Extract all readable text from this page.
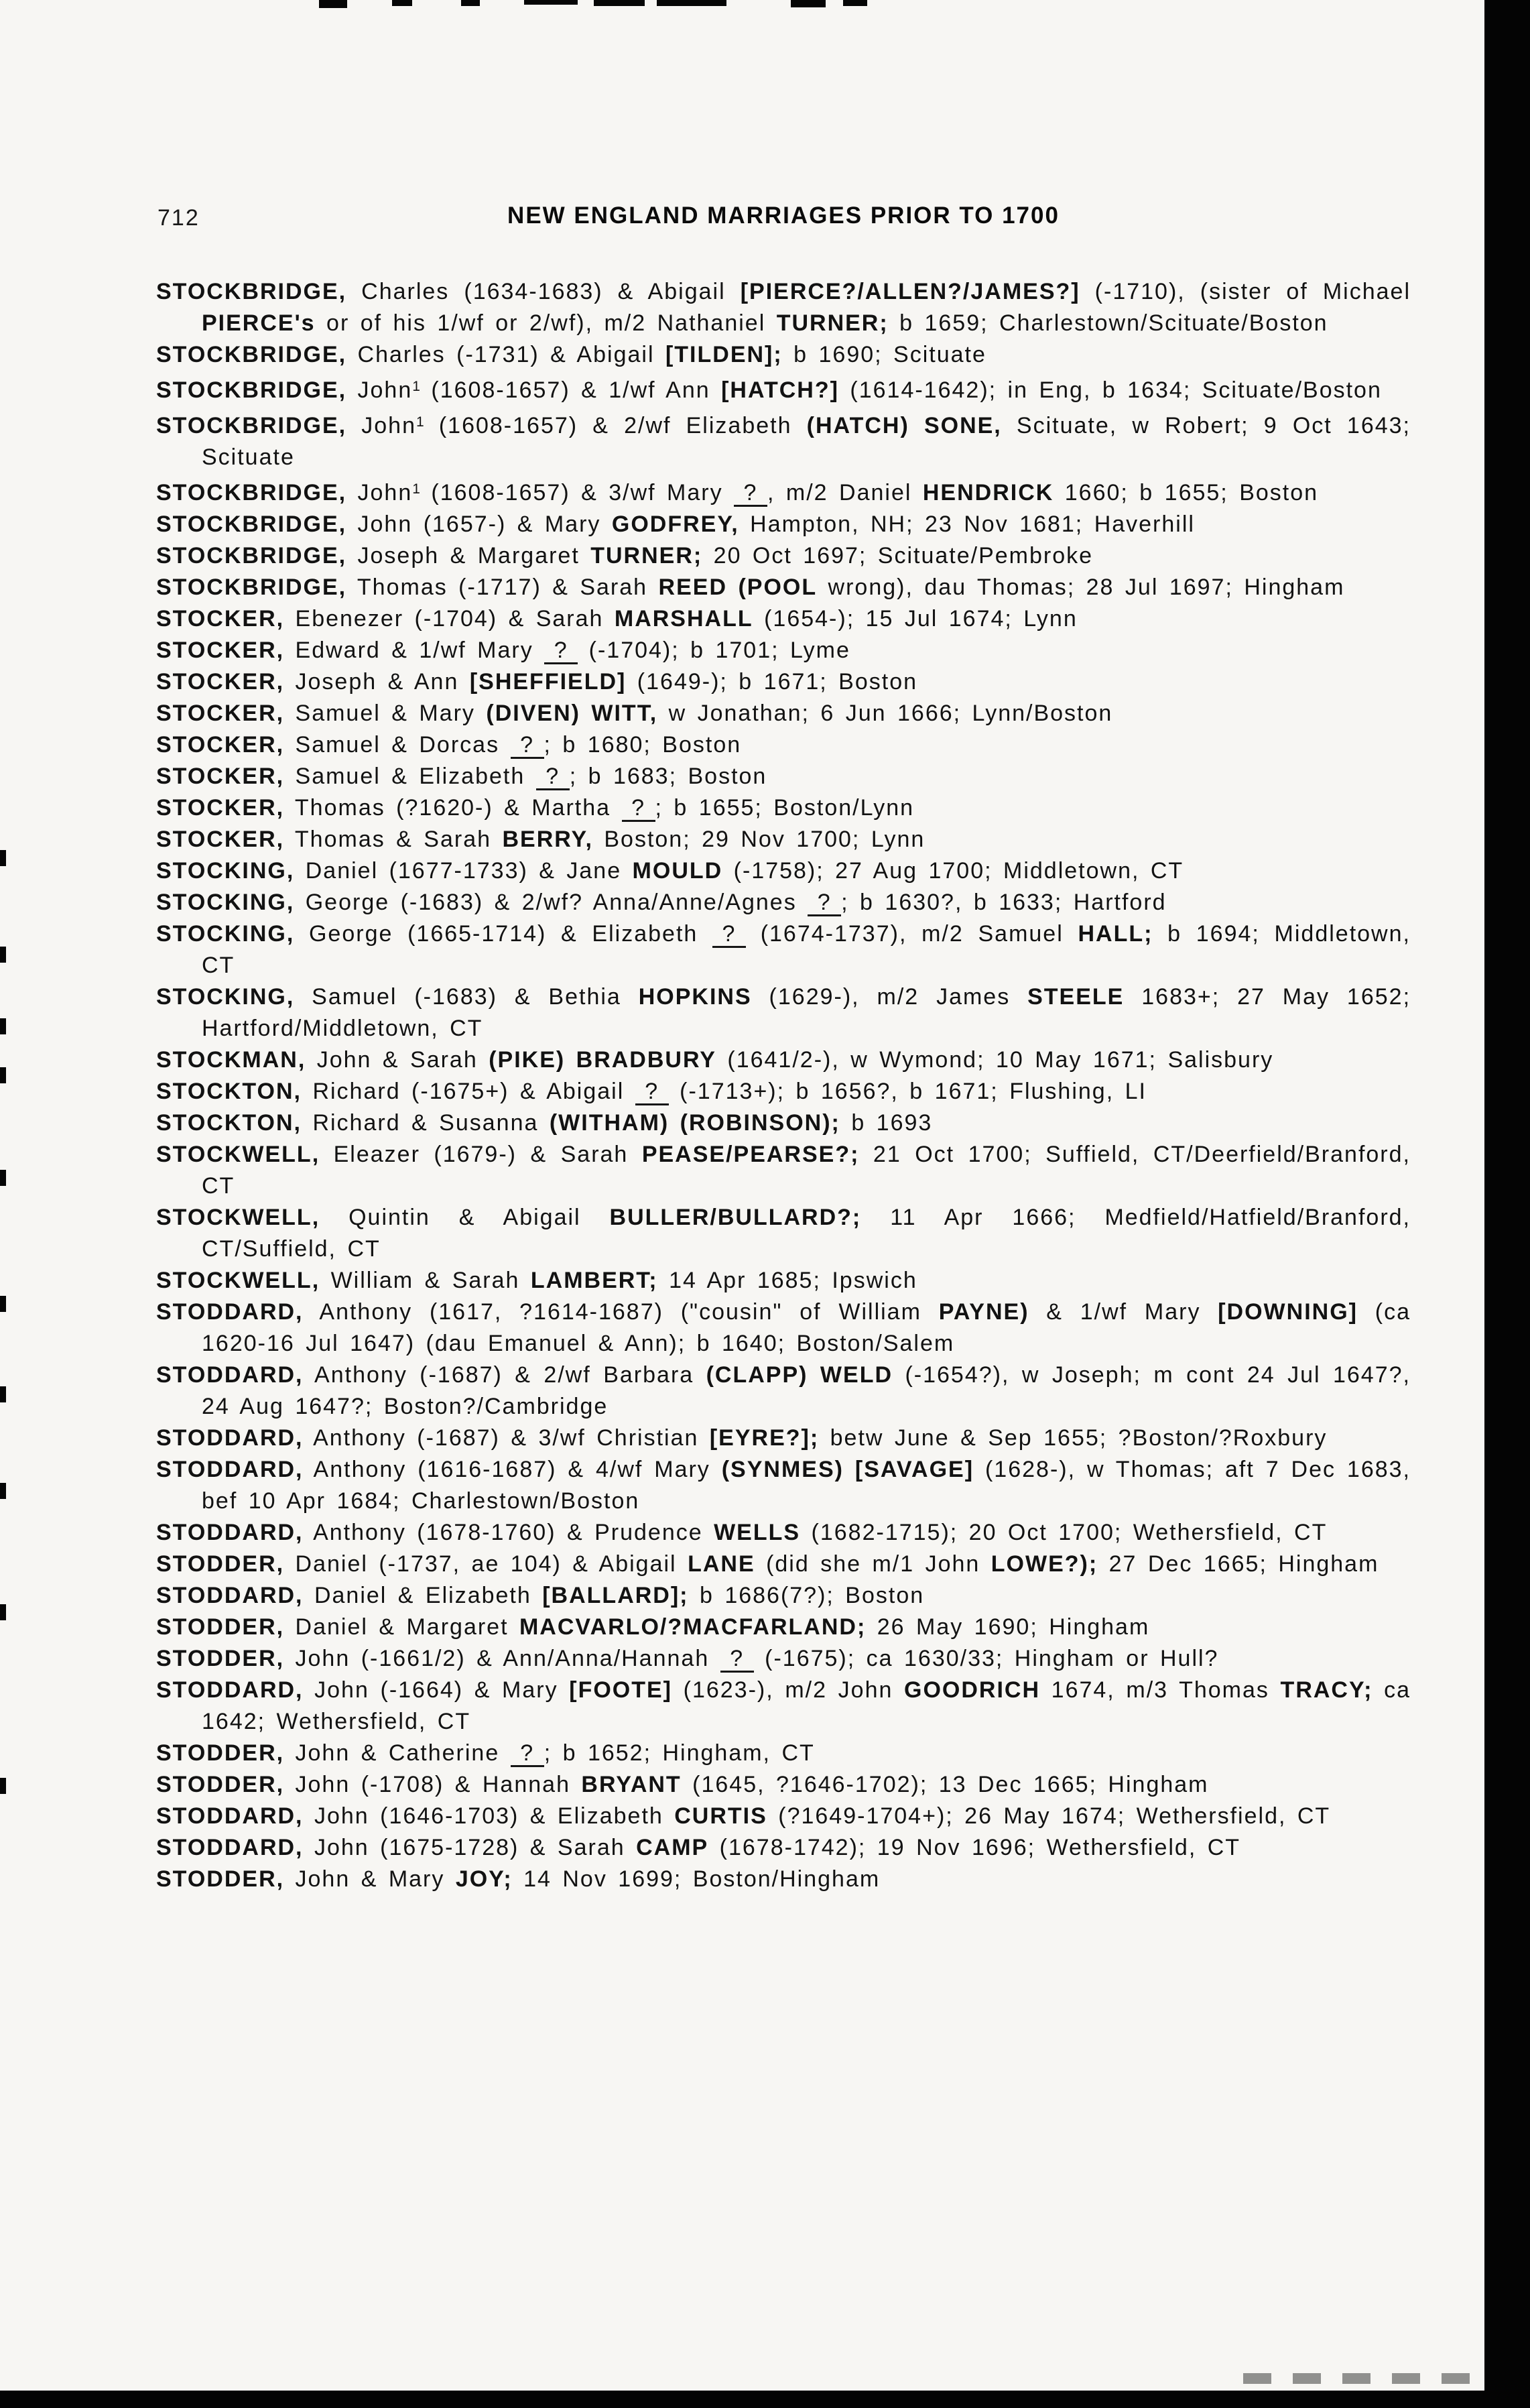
712	NEW ENGLAND MARRIAGES PRIOR TO 1700

STOCKBRIDGE, Charles (1634-1683) & Abigail [PIERCE?/ALLEN?/JAMES?] (-1710), (sister of Michael PIERCE's or of his 1/wf or 2/wf), m/2 Nathaniel TURNER; b 1659; Charlestown/Scituate/Boston

STOCKBRIDGE, Charles (-1731) & Abigail [TILDEN]; b 1690; Scituate

STOCKBRIDGE, John$^1$ (1608-1657) & 1/wf Ann [HATCH?] (1614-1642); in Eng, b 1634; Scituate/Boston

STOCKBRIDGE, John$^1$ (1608-1657) & 2/wf Elizabeth (HATCH) SONE, Scituate, w Robert; 9 Oct 1643; Scituate

STOCKBRIDGE, John$^1$ (1608-1657) & 3/wf Mary ? , m/2 Daniel HENDRICK 1660; b 1655; Boston

STOCKBRIDGE, John (1657-) & Mary GODFREY, Hampton, NH; 23 Nov 1681; Haverhill

STOCKBRIDGE, Joseph & Margaret TURNER; 20 Oct 1697; Scituate/Pembroke

STOCKBRIDGE, Thomas (-1717) & Sarah REED (POOL wrong), dau Thomas; 28 Jul 1697; Hingham

STOCKER, Ebenezer (-1704) & Sarah MARSHALL (1654-); 15 Jul 1674; Lynn

STOCKER, Edward & 1/wf Mary ? (-1704); b 1701; Lyme

STOCKER, Joseph & Ann [SHEFFIELD] (1649-); b 1671; Boston

STOCKER, Samuel & Mary (DIVEN) WITT, w Jonathan; 6 Jun 1666; Lynn/Boston

STOCKER, Samuel & Dorcas ? ; b 1680; Boston

STOCKER, Samuel & Elizabeth ? ; b 1683; Boston

STOCKER, Thomas (?1620-) & Martha ? ; b 1655; Boston/Lynn

STOCKER, Thomas & Sarah BERRY, Boston; 29 Nov 1700; Lynn

STOCKING, Daniel (1677-1733) & Jane MOULD (-1758); 27 Aug 1700; Middletown, CT

STOCKING, George (-1683) & 2/wf? Anna/Anne/Agnes ? ; b 1630?, b 1633; Hartford

STOCKING, George (1665-1714) & Elizabeth ? (1674-1737), m/2 Samuel HALL; b 1694; Middletown, CT

STOCKING, Samuel (-1683) & Bethia HOPKINS (1629-), m/2 James STEELE 1683+; 27 May 1652; Hartford/Middletown, CT

STOCKMAN, John & Sarah (PIKE) BRADBURY (1641/2-), w Wymond; 10 May 1671; Salisbury

STOCKTON, Richard (-1675+) & Abigail ? (-1713+); b 1656?, b 1671; Flushing, LI

STOCKTON, Richard & Susanna (WITHAM) (ROBINSON); b 1693

STOCKWELL, Eleazer (1679-) & Sarah PEASE/PEARSE?; 21 Oct 1700; Suffield, CT/Deerfield/Branford, CT

STOCKWELL, Quintin & Abigail BULLER/BULLARD?; 11 Apr 1666; Medfield/Hatfield/Branford, CT/Suffield, CT

STOCKWELL, William & Sarah LAMBERT; 14 Apr 1685; Ipswich

STODDARD, Anthony (1617, ?1614-1687) ("cousin" of William PAYNE) & 1/wf Mary [DOWNING] (ca 1620-16 Jul 1647) (dau Emanuel & Ann); b 1640; Boston/Salem

STODDARD, Anthony (-1687) & 2/wf Barbara (CLAPP) WELD (-1654?), w Joseph; m cont 24 Jul 1647?, 24 Aug 1647?; Boston?/Cambridge

STODDARD, Anthony (-1687) & 3/wf Christian [EYRE?]; betw June & Sep 1655; ?Boston/?Roxbury

STODDARD, Anthony (1616-1687) & 4/wf Mary (SYNMES) [SAVAGE] (1628-), w Thomas; aft 7 Dec 1683, bef 10 Apr 1684; Charlestown/Boston

STODDARD, Anthony (1678-1760) & Prudence WELLS (1682-1715); 20 Oct 1700; Wethersfield, CT

STODDER, Daniel (-1737, ae 104) & Abigail LANE (did she m/1 John LOWE?); 27 Dec 1665; Hingham

STODDARD, Daniel & Elizabeth [BALLARD]; b 1686(7?); Boston

STODDER, Daniel & Margaret MACVARLO/?MACFARLAND; 26 May 1690; Hingham

STODDER, John (-1661/2) & Ann/Anna/Hannah ? (-1675); ca 1630/33; Hingham or Hull?

STODDARD, John (-1664) & Mary [FOOTE] (1623-), m/2 John GOODRICH 1674, m/3 Thomas TRACY; ca 1642; Wethersfield, CT

STODDER, John & Catherine ? ; b 1652; Hingham, CT

STODDER, John (-1708) & Hannah BRYANT (1645, ?1646-1702); 13 Dec 1665; Hingham

STODDARD, John (1646-1703) & Elizabeth CURTIS (?1649-1704+); 26 May 1674; Wethersfield, CT

STODDARD, John (1675-1728) & Sarah CAMP (1678-1742); 19 Nov 1696; Wethersfield, CT

STODDER, John & Mary JOY; 14 Nov 1699; Boston/Hingham
